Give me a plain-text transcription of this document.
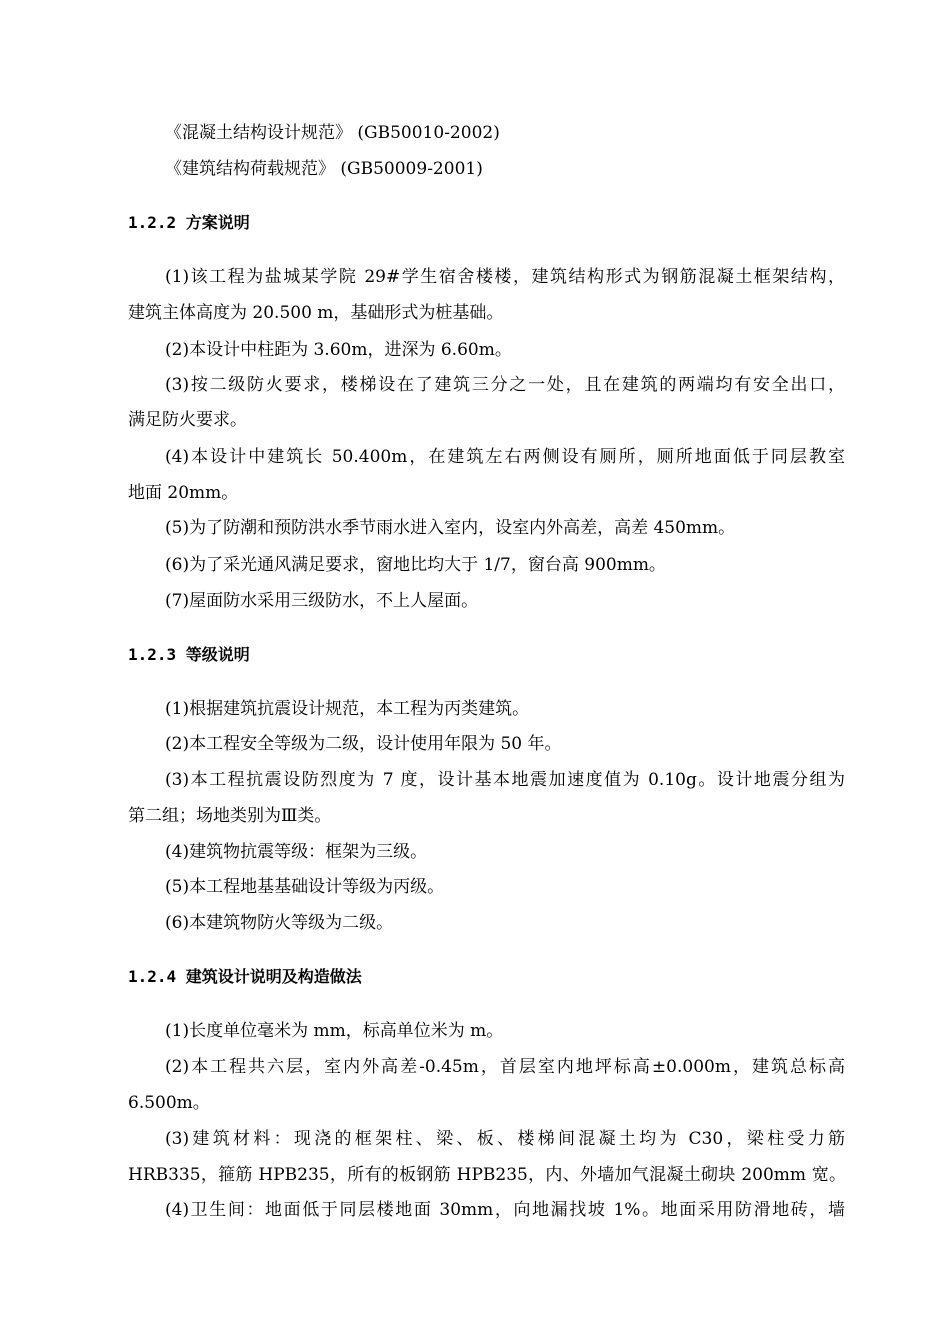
《混凝土结构设计规范》 (GB50010-2002)
《建筑结构荷载规范》 (GB50009-2001)
1.2.2 方案说明
(1)该工程为盐城某学院 29#学生宿舍楼楼，建筑结构形式为钢筋混凝土框架结构，
建筑主体高度为 20.500 m，基础形式为桩基础。
(2)本设计中柱距为 3.60m，进深为 6.60m。
(3)按二级防火要求，楼梯设在了建筑三分之一处，且在建筑的两端均有安全出口，
满足防火要求。
(4)本设计中建筑长 50.400m，在建筑左右两侧设有厕所，厕所地面低于同层教室
地面 20mm。
(5)为了防潮和预防洪水季节雨水进入室内，设室内外高差，高差 450mm。
(6)为了采光通风满足要求，窗地比均大于 1/7，窗台高 900mm。
(7)屋面防水采用三级防水，不上人屋面。
1.2.3 等级说明
(1)根据建筑抗震设计规范，本工程为丙类建筑。
(2)本工程安全等级为二级，设计使用年限为 50 年。
(3)本工程抗震设防烈度为 7 度，设计基本地震加速度值为 0.10g。设计地震分组为
第二组；场地类别为Ⅲ类。
(4)建筑物抗震等级：框架为三级。
(5)本工程地基基础设计等级为丙级。
(6)本建筑物防火等级为二级。
1.2.4 建筑设计说明及构造做法
(1)长度单位毫米为 mm，标高单位米为 m。
(2)本工程共六层，室内外高差-0.45m，首层室内地坪标高±0.000m，建筑总标高
6.500m。
(3)建筑材料：现浇的框架柱、梁、板、楼梯间混凝土均为 C30，梁柱受力筋
HRB335，箍筋 HPB235，所有的板钢筋 HPB235，内、外墙加气混凝土砌块 200mm 宽。
(4)卫生间：地面低于同层楼地面 30mm，向地漏找坡 1%。地面采用防滑地砖，墙
